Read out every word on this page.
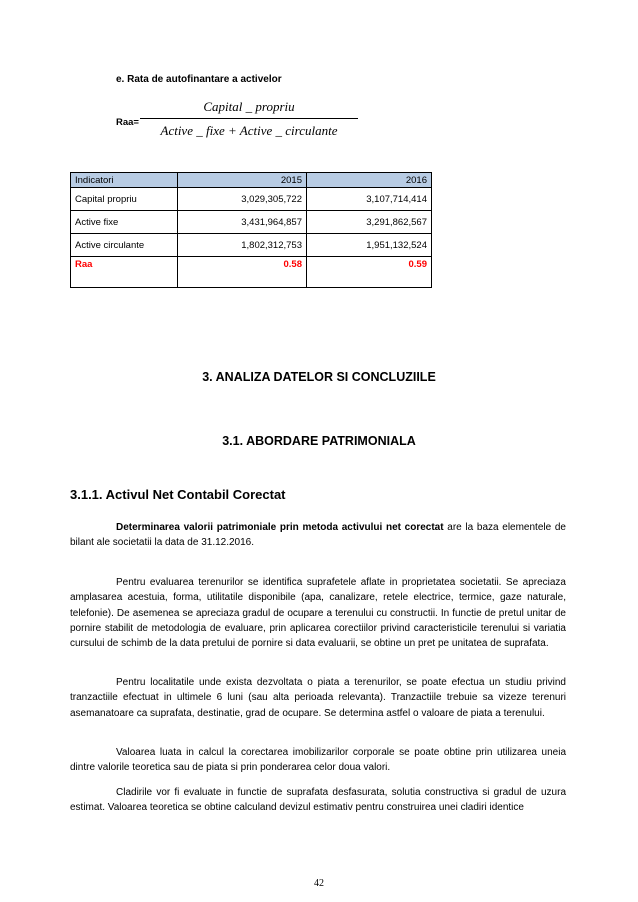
e. Rata de autofinantare a activelor
Raa=
Capital _ propriu
Active _ fixe + Active _ circulante
Indicatori	2015	2016
Capital propriu	3,029,305,722	3,107,714,414
Active fixe	3,431,964,857	3,291,862,567
Active circulante	1,802,312,753	1,951,132,524
Raa	0.58	0.59
3. ANALIZA DATELOR SI CONCLUZIILE
3.1. ABORDARE PATRIMONIALA
3.1.1. Activul Net Contabil Corectat

Determinarea valorii patrimoniale prin metoda activului net corectat are la baza elementele de bilant ale societatii la data de 31.12.2016.

Pentru evaluarea terenurilor se identifica suprafetele aflate in proprietatea societatii. Se apreciaza amplasarea acestuia, forma, utilitatile disponibile (apa, canalizare, retele electrice, termice, gaze naturale, telefonie). De asemenea se apreciaza gradul de ocupare a terenului cu constructii. In functie de pretul unitar de pornire stabilit de metodologia de evaluare, prin aplicarea corectiilor privind caracteristicile terenului si variatia cursului de schimb de la data pretului de pornire si data evaluarii, se obtine un pret pe unitatea de suprafata.

Pentru localitatile unde exista dezvoltata o piata a terenurilor, se poate efectua un studiu privind tranzactiile efectuat in ultimele 6 luni (sau alta perioada relevanta). Tranzactiile trebuie sa vizeze terenuri asemanatoare ca suprafata, destinatie, grad de ocupare. Se determina astfel o valoare de piata a terenului.

Valoarea luata in calcul la corectarea imobilizarilor corporale se poate obtine prin utilizarea uneia dintre valorile teoretica sau de piata si prin ponderarea celor doua valori.

Cladirile vor fi evaluate in functie de suprafata desfasurata, solutia constructiva si gradul de uzura estimat. Valoarea teoretica se obtine calculand devizul estimativ pentru construirea unei cladiri identice

42
